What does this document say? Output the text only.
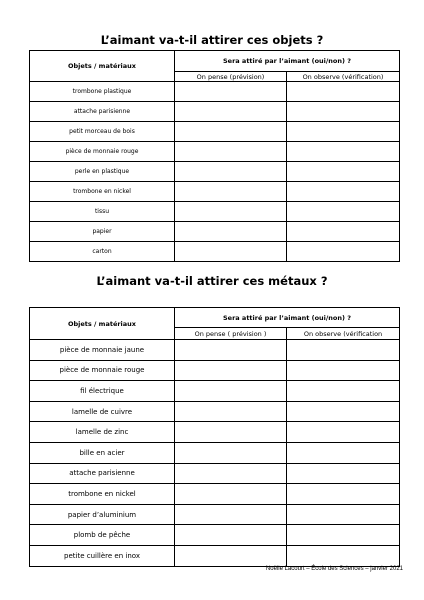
L’aimant va-t-il attirer ces objets ?
Objets / matériaux	Sera attiré par l’aimant (oui/non) ?	
	On pense (prévision)	On observe (vérification)
trombone plastique		
attache parisienne		
petit morceau de bois		
pièce de monnaie rouge		
perle en plastique		
trombone en nickel		
tissu		
papier		
carton		
L’aimant va-t-il attirer ces métaux ?
Objets / matériaux	Sera attiré par l’aimant (oui/non) ?	
	On pense ( prévision )	On observe (vérification
pièce de monnaie jaune		
pièce de monnaie rouge		
fil électrique		
lamelle de cuivre		
lamelle de zinc		
bille en acier		
attache parisienne		
trombone en nickel		
papier d’aluminium		
plomb de pêche		
petite cuillère en inox		
Noëlle Lacourt – École des Sciences – janvier 2021
